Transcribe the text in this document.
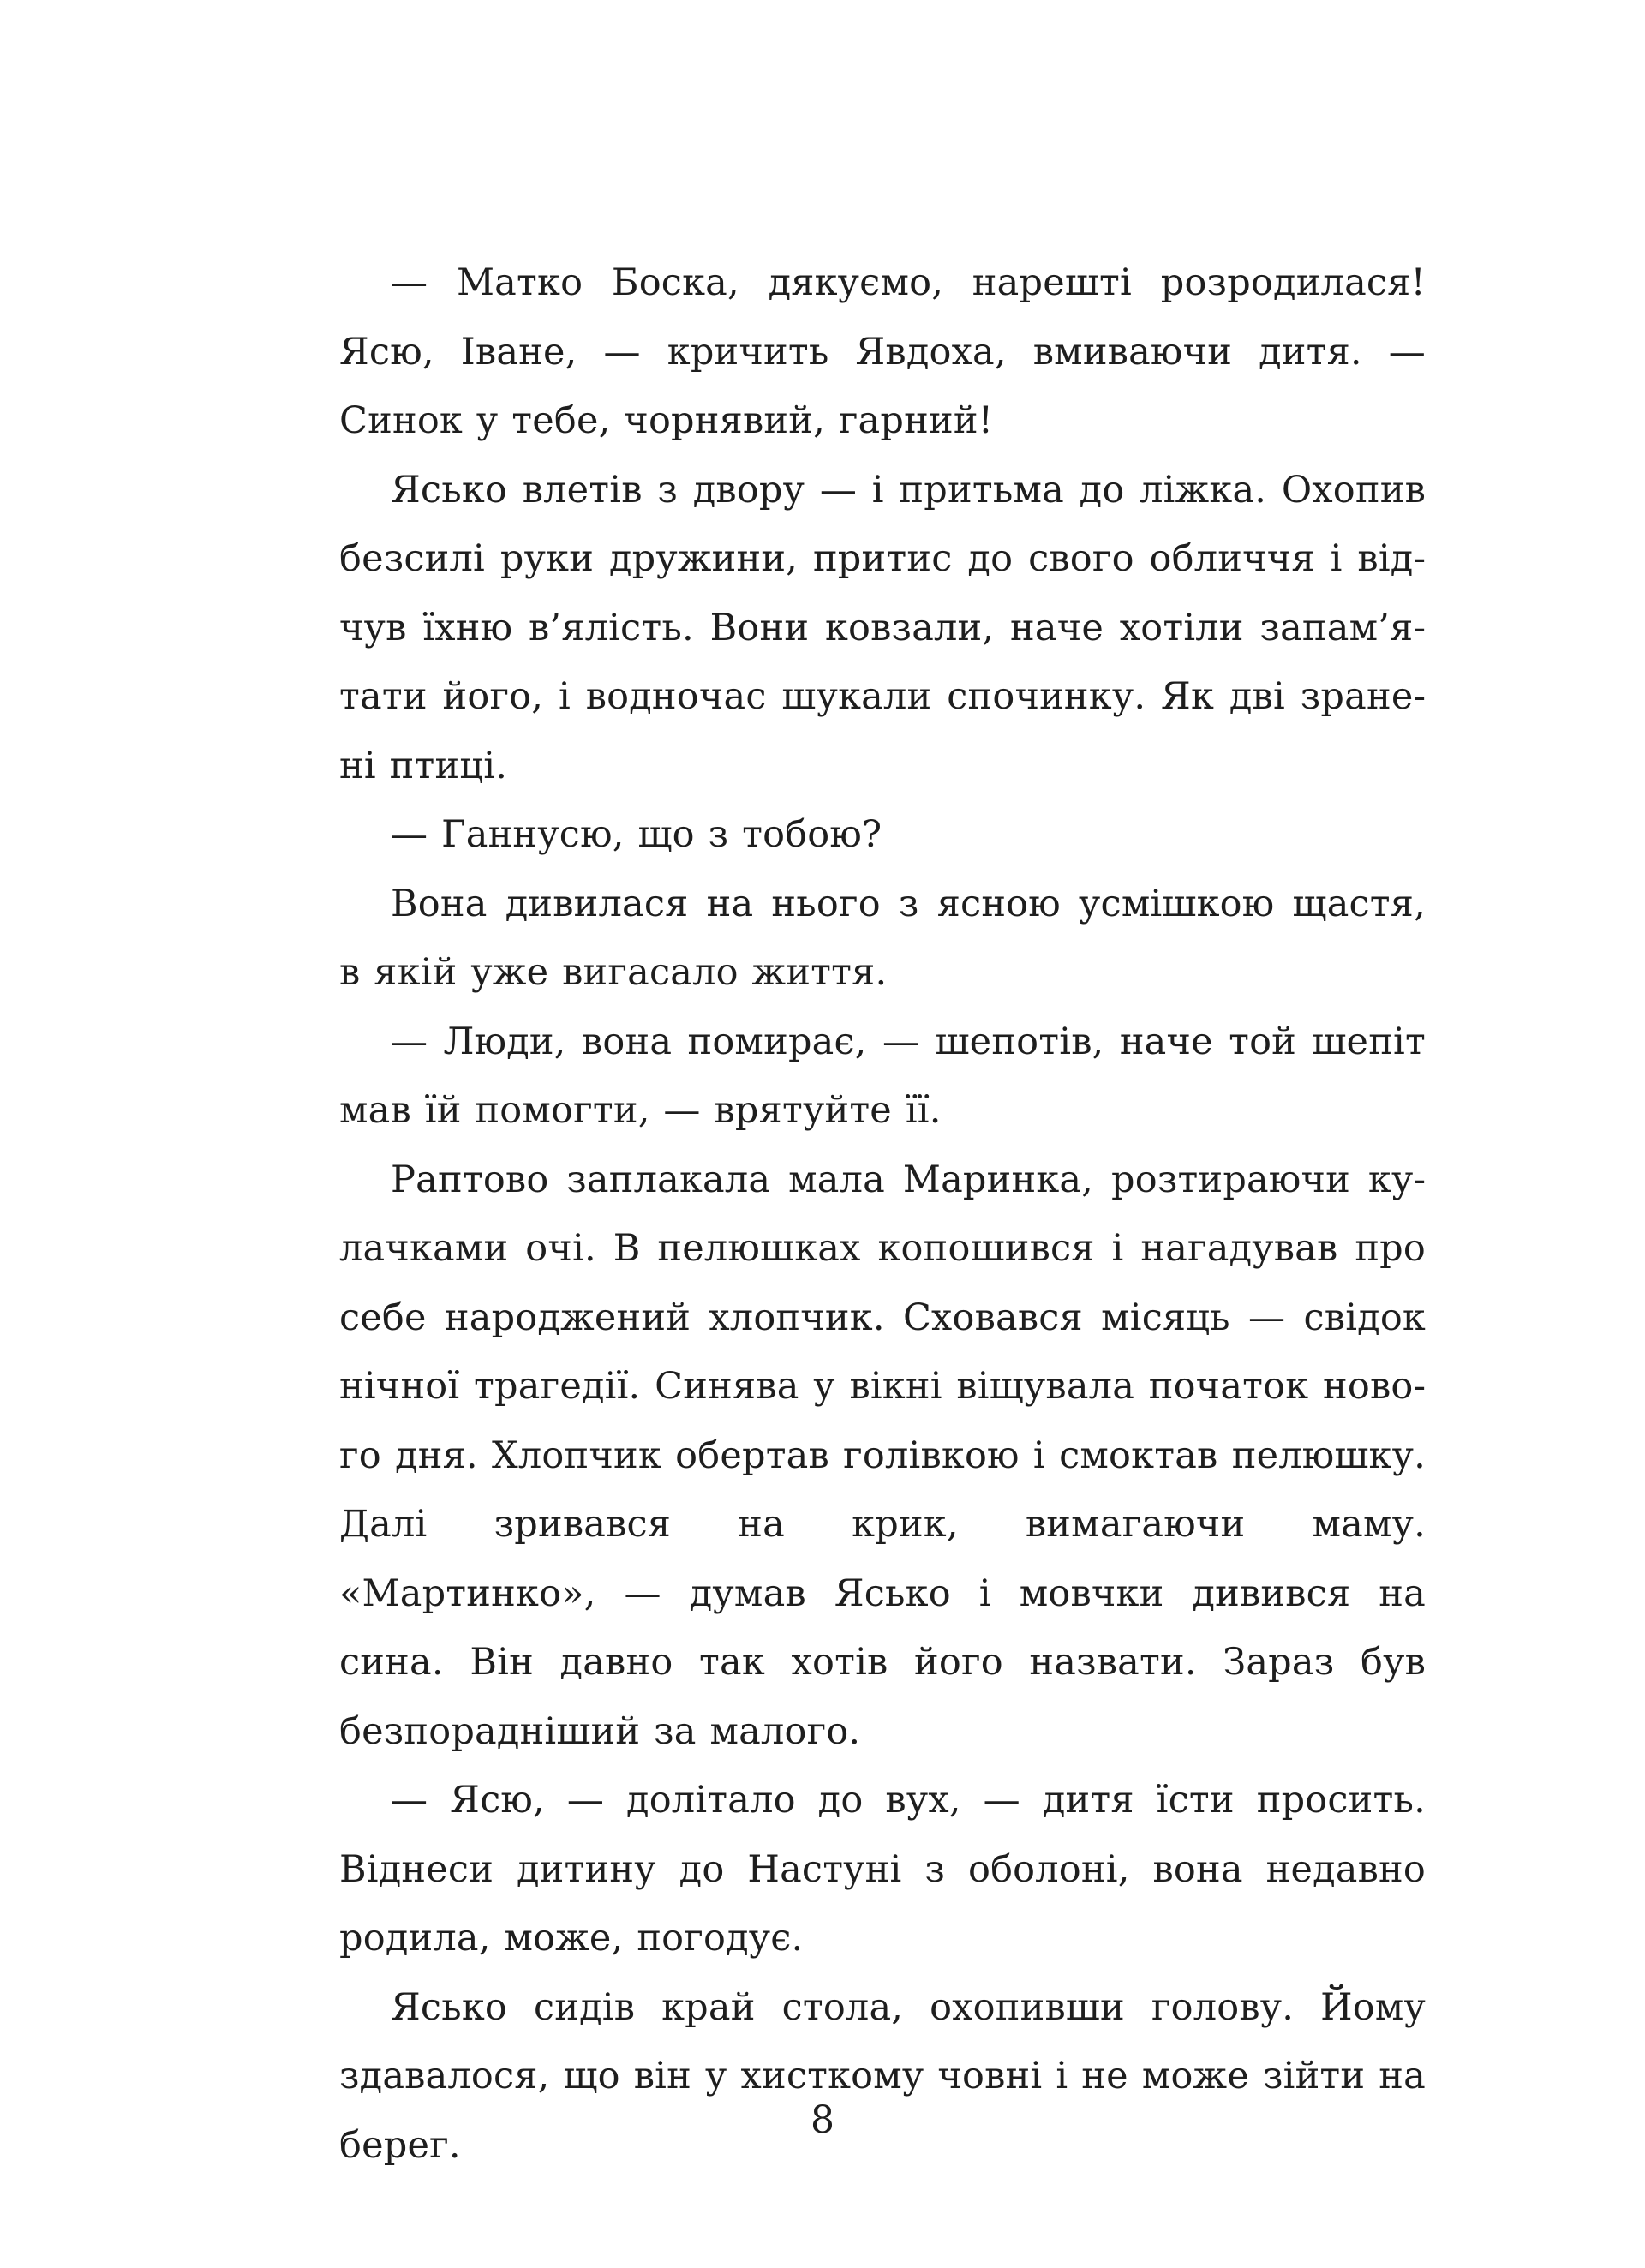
— Матко Боска, дякуємо, нарешті розродилася! Ясю, Іване, — кричить Явдоха, вмиваючи дитя. — Синок у тебе, чорнявий, гарний!

Ясько влетів з двору — і притьма до ліжка. Охопив безсилі руки дружини, притис до свого обличчя і відчув їхню в’ялість. Вони ковзали, наче хотіли запам’ятати його, і водночас шукали спочинку. Як дві зранені птиці.

— Ганнусю, що з тобою?

Вона дивилася на нього з ясною усмішкою щастя, в якій уже вигасало життя.

— Люди, вона помирає, — шепотів, наче той шепіт мав їй помогти, — врятуйте її.

Раптово заплакала мала Маринка, розтираючи кулачками очі. В пелюшках копошився і нагадував про себе народжений хлопчик. Сховався місяць — свідок нічної трагедії. Синява у вікні віщувала початок нового дня. Хлопчик обертав голівкою і смоктав пелюшку. Далі зривався на крик, вимагаючи маму. «Мартинко», — думав Ясько і мовчки дивився на сина. Він давно так хотів його назвати. Зараз був безпорадніший за малого.

— Ясю, — долітало до вух, — дитя їсти просить. Віднеси дитину до Настуні з оболоні, вона недавно родила, може, погодує.

Ясько сидів край стола, охопивши голову. Йому здавалося, що він у хисткому човні і не може зійти на берег.

8
